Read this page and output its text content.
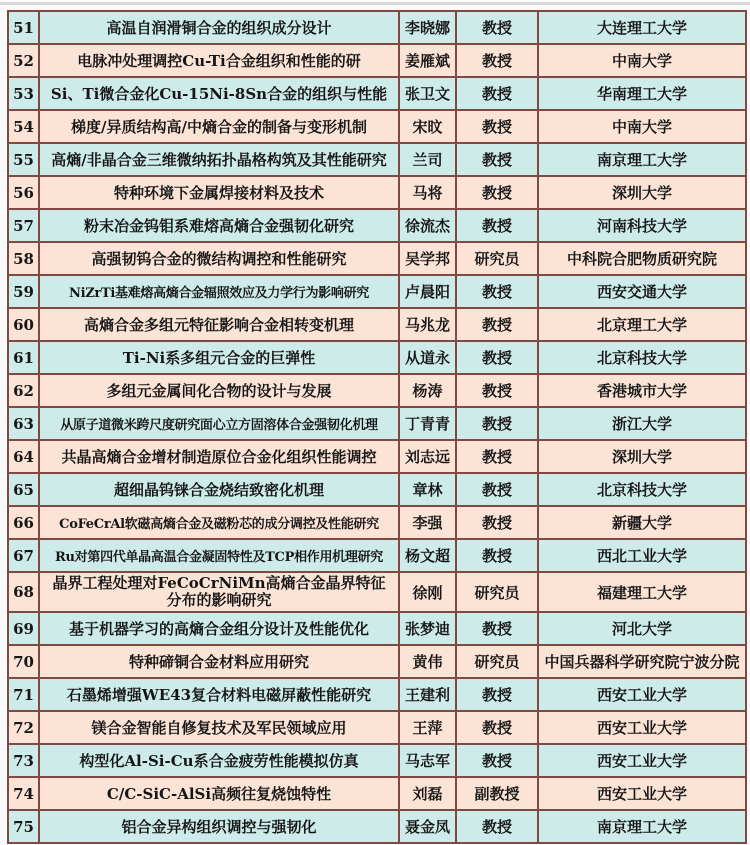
51	高温自润滑铜合金的组织成分设计	李晓娜	教授	大连理工大学
52	电脉冲处理调控Cu-Ti合金组织和性能的研	姜雁斌	教授	中南大学
53	Si、Ti微合金化Cu-15Ni-8Sn合金的组织与性能	张卫文	教授	华南理工大学
54	梯度/异质结构高/中熵合金的制备与变形机制	宋旼	教授	中南大学
55	高熵/非晶合金三维微纳拓扑晶格构筑及其性能研究	兰司	教授	南京理工大学
56	特种环境下金属焊接材料及技术	马将	教授	深圳大学
57	粉末冶金钨钼系难熔高熵合金强韧化研究	徐流杰	教授	河南科技大学
58	高强韧钨合金的微结构调控和性能研究	吴学邦	研究员	中科院合肥物质研究院
59	NiZrTi基难熔高熵合金辐照效应及力学行为影响研究	卢晨阳	教授	西安交通大学
60	高熵合金多组元特征影响合金相转变机理	马兆龙	教授	北京理工大学
61	Ti-Ni系多组元合金的巨弹性	从道永	教授	北京科技大学
62	多组元金属间化合物的设计与发展	杨涛	教授	香港城市大学
63	从原子道微米跨尺度研究面心立方固溶体合金强韧化机理	丁青青	教授	浙江大学
64	共晶高熵合金增材制造原位合金化组织性能调控	刘志远	教授	深圳大学
65	超细晶钨铼合金烧结致密化机理	章林	教授	北京科技大学
66	CoFeCrAl软磁高熵合金及磁粉芯的成分调控及性能研究	李强	教授	新疆大学
67	Ru对第四代单晶高温合金凝固特性及TCP相作用机理研究	杨文超	教授	西北工业大学
68	晶界工程处理对FeCoCrNiMn高熵合金晶界特征分布的影响研究	徐刚	研究员	福建理工大学
69	基于机器学习的高熵合金组分设计及性能优化	张梦迪	教授	河北大学
70	特种碲铜合金材料应用研究	黄伟	研究员	中国兵器科学研究院宁波分院
71	石墨烯增强WE43复合材料电磁屏蔽性能研究	王建利	教授	西安工业大学
72	镁合金智能自修复技术及军民领域应用	王萍	教授	西安工业大学
73	构型化Al-Si-Cu系合金疲劳性能模拟仿真	马志军	教授	西安工业大学
74	C/C-SiC-AlSi高频往复烧蚀特性	刘磊	副教授	西安工业大学
75	铝合金异构组织调控与强韧化	聂金凤	教授	南京理工大学
